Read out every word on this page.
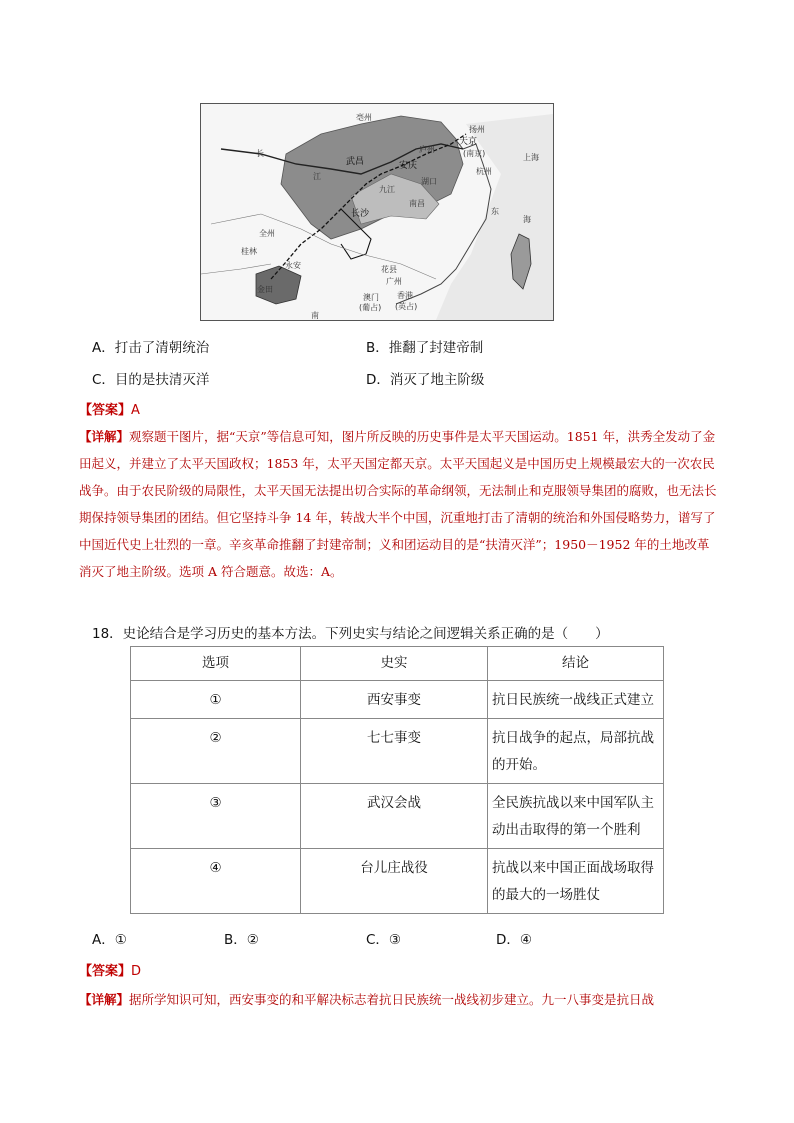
亳州
扬州
天京
(南京)
庐州
武昌	安庆
上海
湖口
杭州
九江
长沙
南昌
全州
桂林
永安
金田
花县
广州
澳门
(葡占)
香港
(英占)
长
江
东
海
南
A．打击了清朝统治	B．推翻了封建帝制
C．目的是扶清灭洋	D．消灭了地主阶级
【答案】A
【详解】观察题干图片，据“天京”等信息可知，图片所反映的历史事件是太平天国运动。1851 年，洪秀全发动了金田起义，并建立了太平天国政权；1853 年，太平天国定都天京。太平天国起义是中国历史上规模最宏大的一次农民战争。由于农民阶级的局限性，太平天国无法提出切合实际的革命纲领，无法制止和克服领导集团的腐败，也无法长期保持领导集团的团结。但它坚持斗争 14 年，转战大半个中国，沉重地打击了清朝的统治和外国侵略势力，谱写了中国近代史上壮烈的一章。辛亥革命推翻了封建帝制；义和团运动目的是“扶清灭洋”；1950－1952 年的土地改革消灭了地主阶级。选项 A 符合题意。故选：A。
18．史论结合是学习历史的基本方法。下列史实与结论之间逻辑关系正确的是（　　）
选项	史实	结论
①	西安事变	抗日民族统一战线正式建立
②	七七事变	抗日战争的起点，局部抗战的开始。
③	武汉会战	全民族抗战以来中国军队主动出击取得的第一个胜利
④	台儿庄战役	抗战以来中国正面战场取得的最大的一场胜仗
A．①	B．②	C．③	D．④
【答案】D
【详解】据所学知识可知，西安事变的和平解决标志着抗日民族统一战线初步建立。九一八事变是抗日战
